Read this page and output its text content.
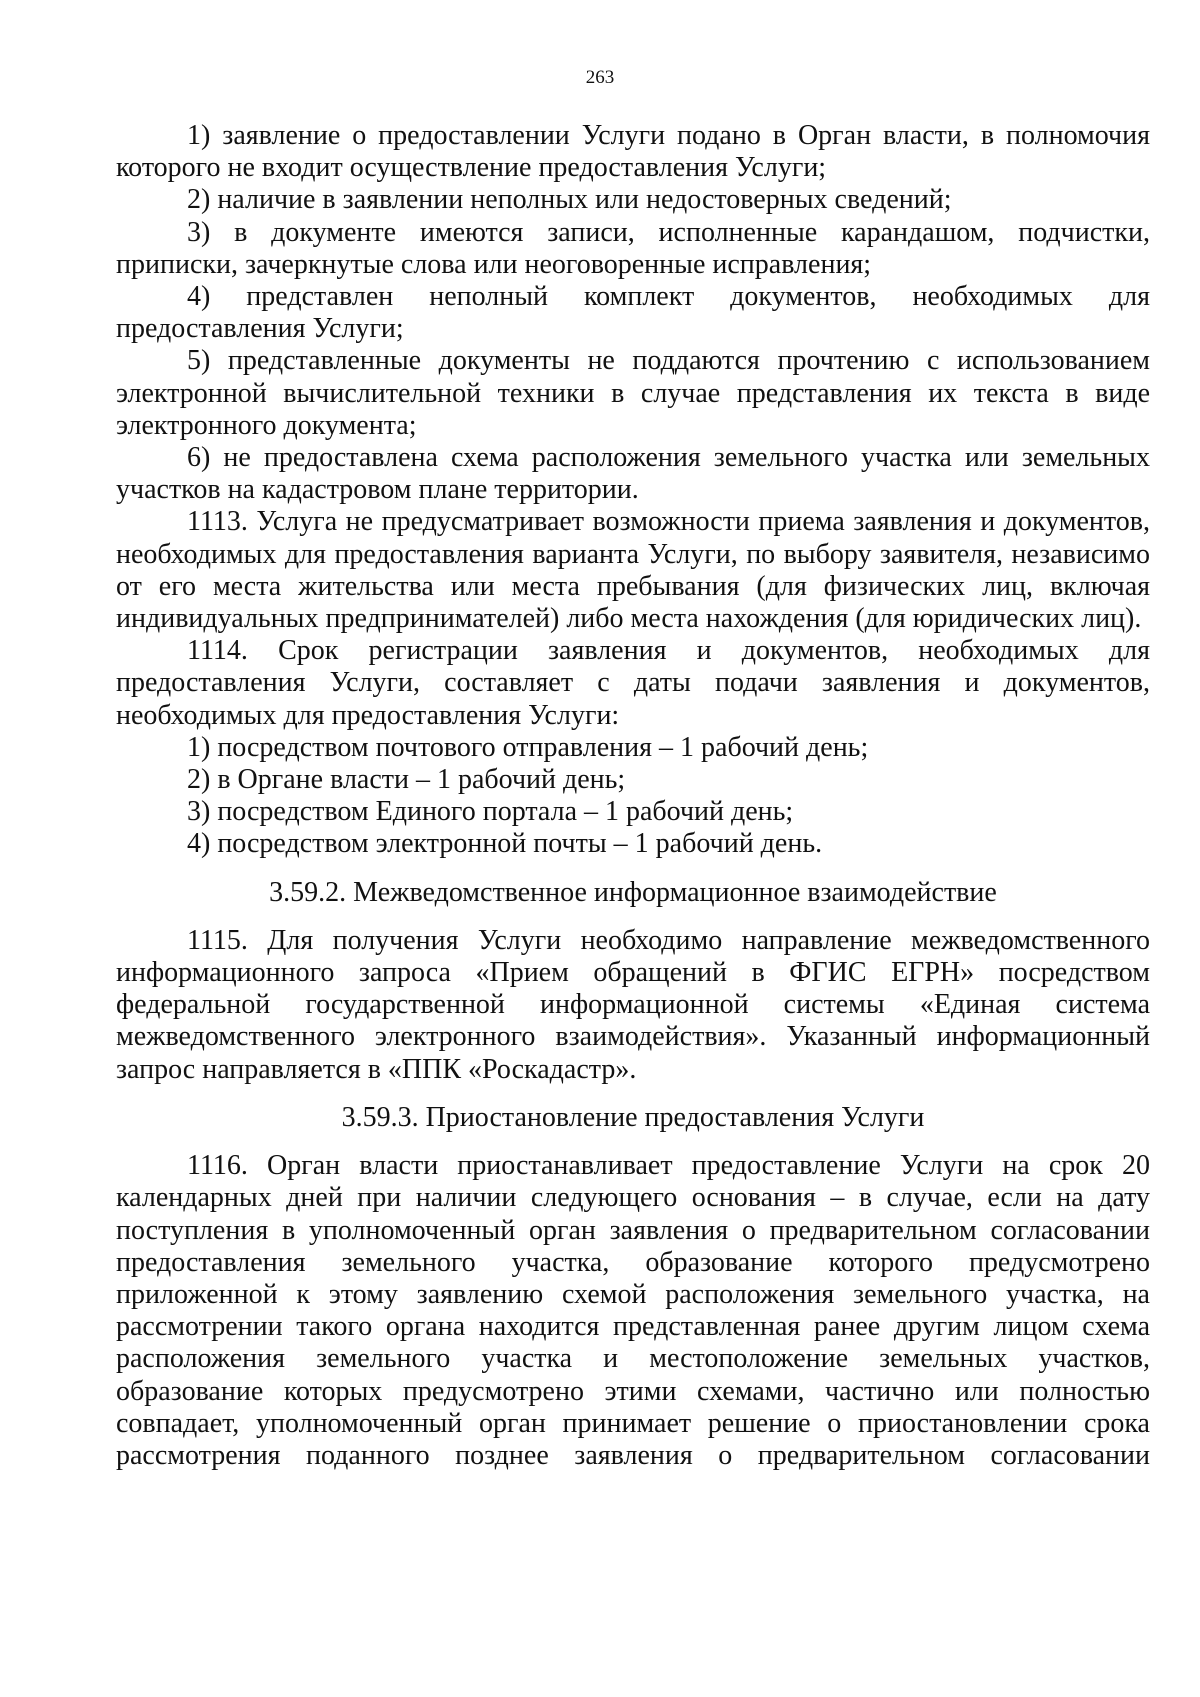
263

1) заявление о предоставлении Услуги подано в Орган власти, в полномочия которого не входит осуществление предоставления Услуги;

2) наличие в заявлении неполных или недостоверных сведений;

3) в документе имеются записи, исполненные карандашом, подчистки, приписки, зачеркнутые слова или неоговоренные исправления;

4) представлен неполный комплект документов, необходимых для предоставления Услуги;

5) представленные документы не поддаются прочтению с использованием электронной вычислительной техники в случае представления их текста в виде электронного документа;

6) не предоставлена схема расположения земельного участка или земельных участков на кадастровом плане территории.

1113. Услуга не предусматривает возможности приема заявления и документов, необходимых для предоставления варианта Услуги, по выбору заявителя, независимо от его места жительства или места пребывания (для физических лиц, включая индивидуальных предпринимателей) либо места нахождения (для юридических лиц).

1114. Срок регистрации заявления и документов, необходимых для предоставления Услуги, составляет с даты подачи заявления и документов, необходимых для предоставления Услуги:

1) посредством почтового отправления – 1 рабочий день;

2) в Органе власти – 1 рабочий день;

3) посредством Единого портала – 1 рабочий день;

4) посредством электронной почты – 1 рабочий день.

3.59.2. Межведомственное информационное взаимодействие

1115. Для получения Услуги необходимо направление межведомственного информационного запроса «Прием обращений в ФГИС ЕГРН» посредством федеральной государственной информационной системы «Единая система межведомственного электронного взаимодействия». Указанный информационный запрос направляется в «ППК «Роскадастр».

3.59.3. Приостановление предоставления Услуги

1116. Орган власти приостанавливает предоставление Услуги на срок 20 календарных дней при наличии следующего основания – в случае, если на дату поступления в уполномоченный орган заявления о предварительном согласовании предоставления земельного участка, образование которого предусмотрено приложенной к этому заявлению схемой расположения земельного участка, на рассмотрении такого органа находится представленная ранее другим лицом схема расположения земельного участка и местоположение земельных участков, образование которых предусмотрено этими схемами, частично или полностью совпадает, уполномоченный орган принимает решение о приостановлении срока рассмотрения поданного позднее заявления о предварительном согласовании
